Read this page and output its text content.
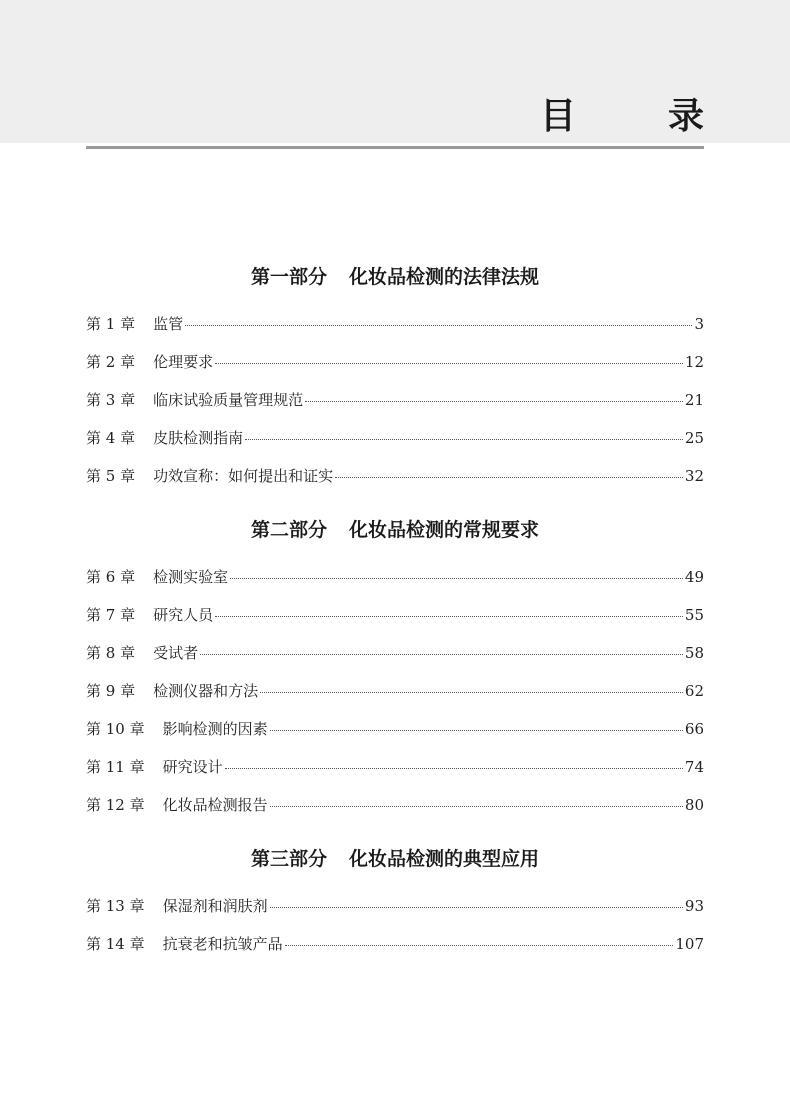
目　录
第一部分 化妆品检测的法律法规
第 1 章 监管	3
第 2 章 伦理要求	12
第 3 章 临床试验质量管理规范	21
第 4 章 皮肤检测指南	25
第 5 章 功效宣称：如何提出和证实	32
第二部分 化妆品检测的常规要求
第 6 章 检测实验室	49
第 7 章 研究人员	55
第 8 章 受试者	58
第 9 章 检测仪器和方法	62
第 10 章 影响检测的因素	66
第 11 章 研究设计	74
第 12 章 化妆品检测报告	80
第三部分 化妆品检测的典型应用
第 13 章 保湿剂和润肤剂	93
第 14 章 抗衰老和抗皱产品	107
